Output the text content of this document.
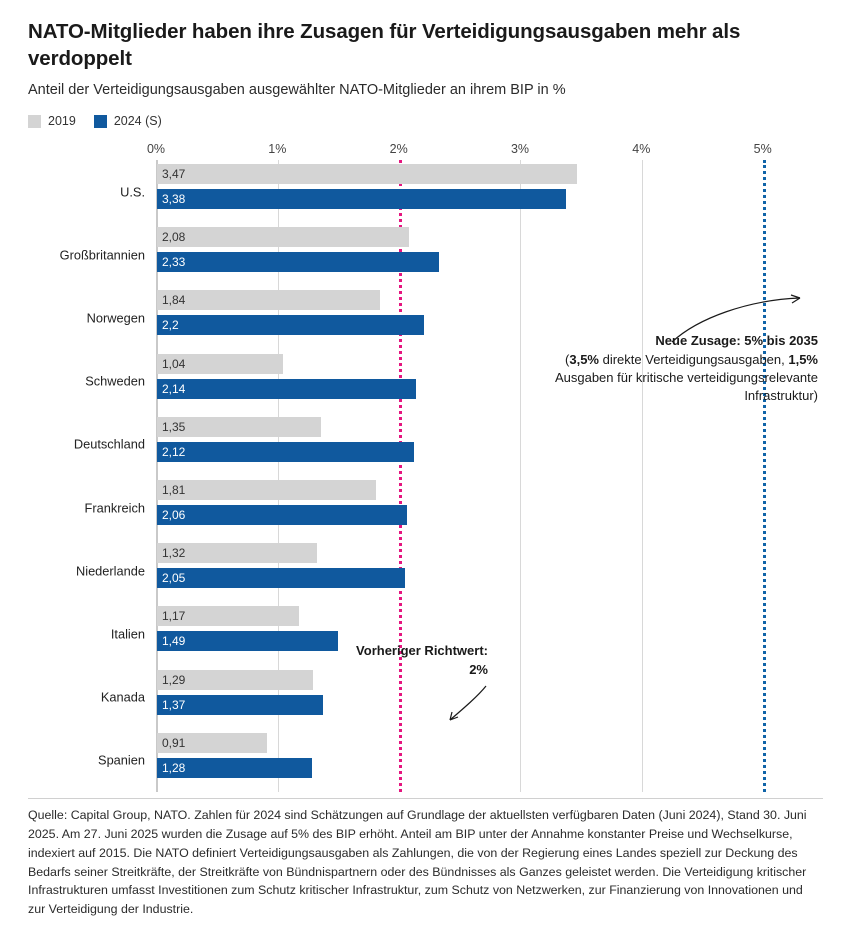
NATO-Mitglieder haben ihre Zusagen für Verteidigungsausgaben mehr als verdoppelt
Anteil der Verteidigungsausgaben ausgewählter NATO-Mitglieder an ihrem BIP in %
2019	2024 (S)
0%	1%	2%	3%	4%	5%
U.S.
3,47
3,38
Großbritannien
2,08
2,33
Norwegen
1,84
2,2
Schweden
1,04
2,14
Deutschland
1,35
2,12
Frankreich
1,81
2,06
Niederlande
1,32
2,05
Italien
1,17
1,49
Kanada
1,29
1,37
Spanien
0,91
1,28
Vorheriger Richtwert:
2%
Neue Zusage: 5% bis 2035
(3,5% direkte Verteidigungsausgaben, 1,5%
Ausgaben für kritische verteidigungsrelevante
Infrastruktur)
Quelle: Capital Group, NATO. Zahlen für 2024 sind Schätzungen auf Grundlage der aktuellsten verfügbaren Daten (Juni 2024), Stand 30. Juni 2025. Am 27. Juni 2025 wurden die Zusage auf 5% des BIP erhöht. Anteil am BIP unter der Annahme konstanter Preise und Wechselkurse, indexiert auf 2015. Die NATO definiert Verteidigungsausgaben als Zahlungen, die von der Regierung eines Landes speziell zur Deckung des Bedarfs seiner Streitkräfte, der Streitkräfte von Bündnispartnern oder des Bündnisses als Ganzes geleistet werden. Die Verteidigung kritischer Infrastrukturen umfasst Investitionen zum Schutz kritischer Infrastruktur, zum Schutz von Netzwerken, zur Finanzierung von Innovationen und zur Verteidigung der Industrie.
